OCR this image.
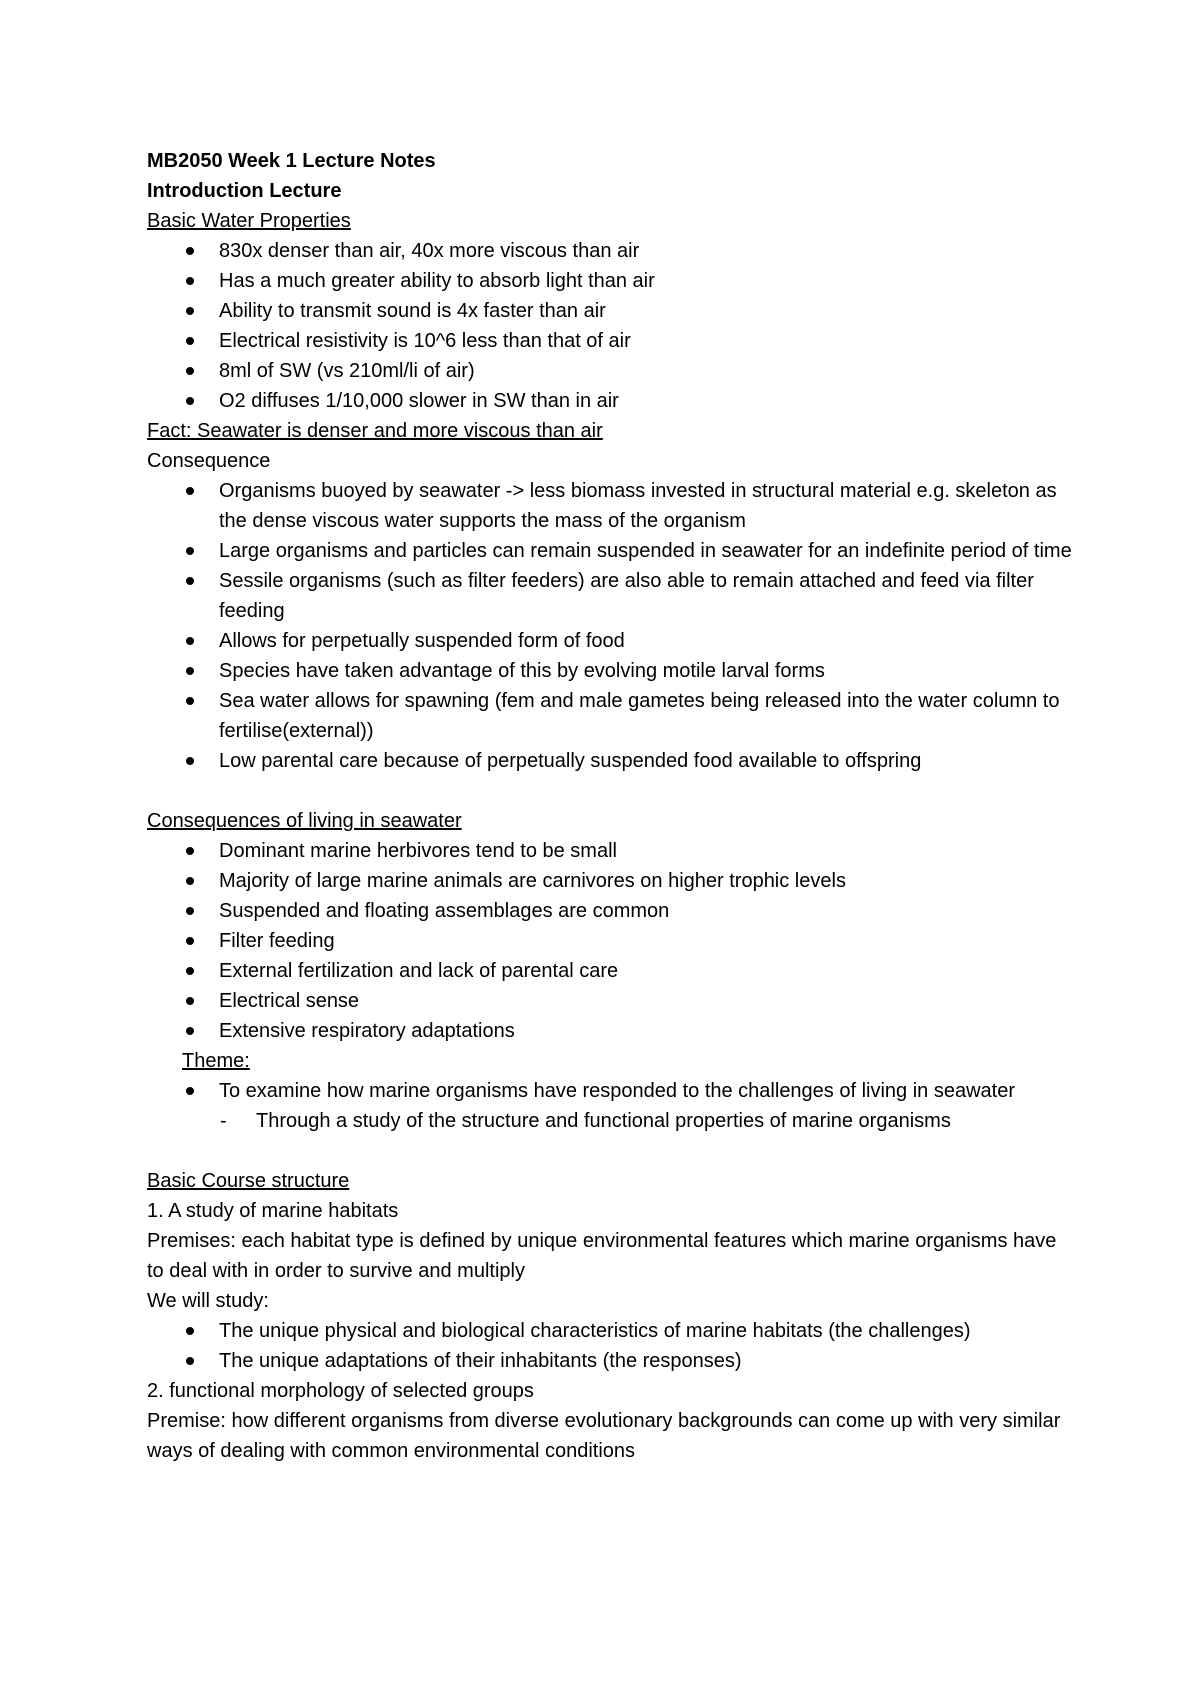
MB2050 Week 1 Lecture Notes

Introduction Lecture

Basic Water Properties

830x denser than air, 40x more viscous than air
Has a much greater ability to absorb light than air
Ability to transmit sound is 4x faster than air
Electrical resistivity is 10^6 less than that of air
8ml of SW (vs 210ml/li of air)
O2 diffuses 1/10,000 slower in SW than in air

Fact: Seawater is denser and more viscous than air

Consequence

Organisms buoyed by seawater -> less biomass invested in structural material e.g. skeleton as the dense viscous water supports the mass of the organism
Large organisms and particles can remain suspended in seawater for an indefinite period of time
Sessile organisms (such as filter feeders) are also able to remain attached and feed via filter feeding
Allows for perpetually suspended form of food
Species have taken advantage of this by evolving motile larval forms
Sea water allows for spawning (fem and male gametes being released into the water column to fertilise(external))
Low parental care because of perpetually suspended food available to offspring

Consequences of living in seawater

Dominant marine herbivores tend to be small
Majority of large marine animals are carnivores on higher trophic levels
Suspended and floating assemblages are common
Filter feeding
External fertilization and lack of parental care
Electrical sense
Extensive respiratory adaptations

Theme:

To examine how marine organisms have responded to the challenges of living in seawater
- Through a study of the structure and functional properties of marine organisms

Basic Course structure

1. A study of marine habitats

Premises: each habitat type is defined by unique environmental features which marine organisms have to deal with in order to survive and multiply

We will study:

The unique physical and biological characteristics of marine habitats (the challenges)
The unique adaptations of their inhabitants (the responses)

2. functional morphology of selected groups

Premise: how different organisms from diverse evolutionary backgrounds can come up with very similar ways of dealing with common environmental conditions
